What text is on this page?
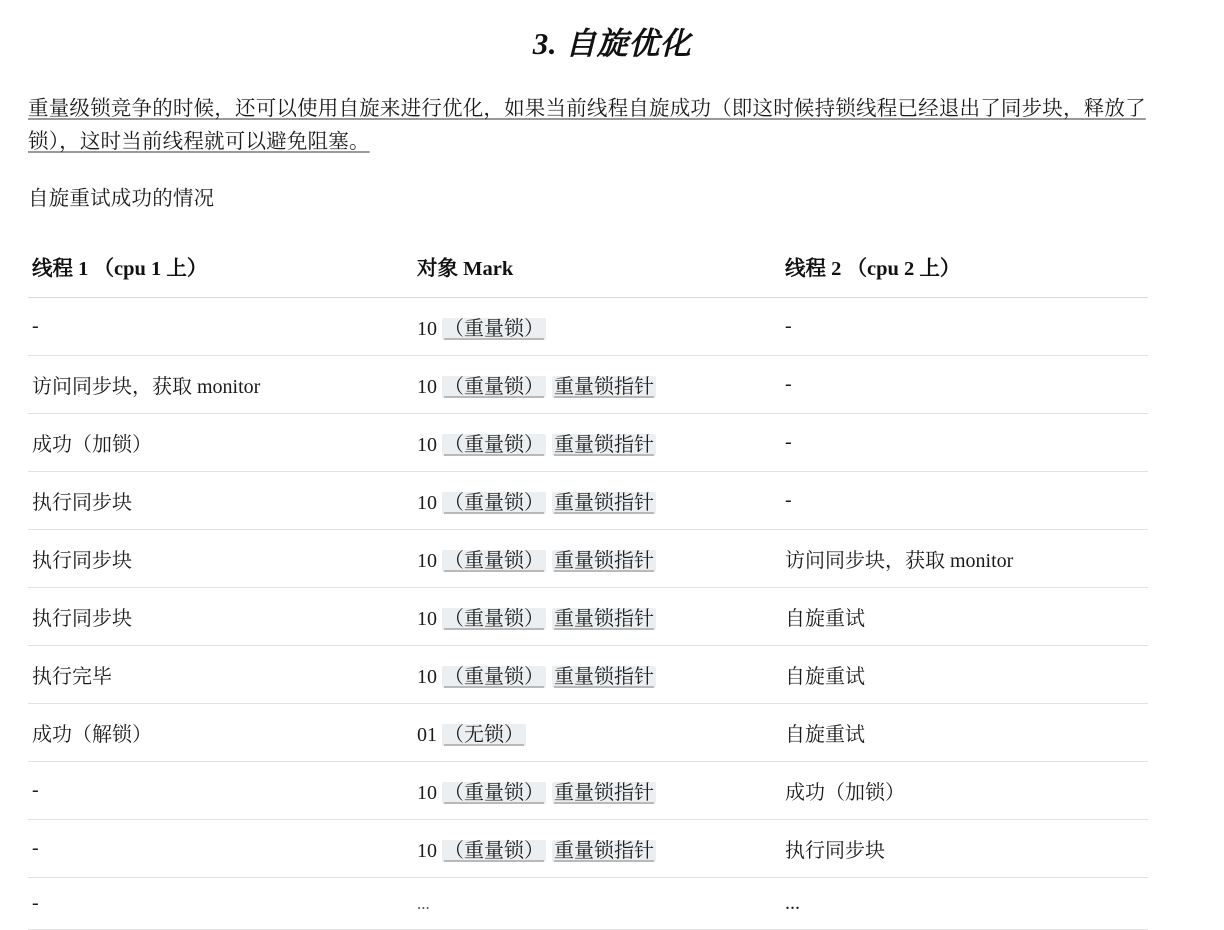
3. 自旋优化

重量级锁竞争的时候，还可以使用自旋来进行优化，如果当前线程自旋成功（即这时候持锁线程已经退出了同步块，释放了锁），这时当前线程就可以避免阻塞。

自旋重试成功的情况

线程 1 （cpu 1 上）	对象 Mark	线程 2 （cpu 2 上）
-	10 （重量锁）	-
访问同步块，获取 monitor	10 （重量锁） 重量锁指针	-
成功（加锁）	10 （重量锁） 重量锁指针	-
执行同步块	10 （重量锁） 重量锁指针	-
执行同步块	10 （重量锁） 重量锁指针	访问同步块，获取 monitor
执行同步块	10 （重量锁） 重量锁指针	自旋重试
执行完毕	10 （重量锁） 重量锁指针	自旋重试
成功（解锁）	01 （无锁）	自旋重试
-	10 （重量锁） 重量锁指针	成功（加锁）
-	10 （重量锁） 重量锁指针	执行同步块
-	...	...
